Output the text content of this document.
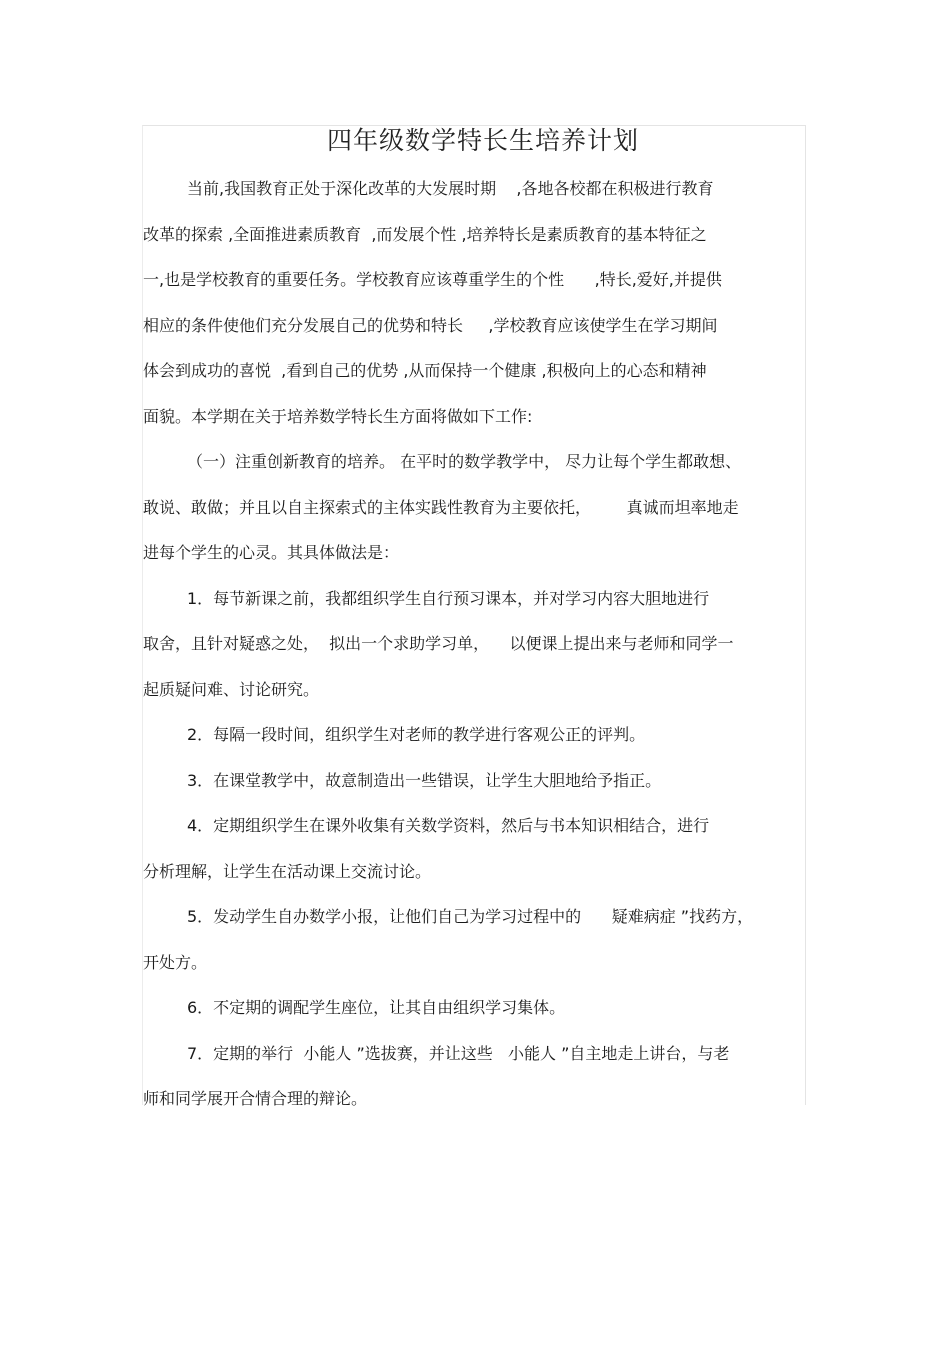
四年级数学特长生培养计划
当前,我国教育正处于深化改革的大发展时期    ,各地各校都在积极进行教育
改革的探索 ,全面推进素质教育  ,而发展个性 ,培养特长是素质教育的基本特征之
一,也是学校教育的重要任务。学校教育应该尊重学生的个性      ,特长,爱好,并提供
相应的条件使他们充分发展自己的优势和特长     ,学校教育应该使学生在学习期间
体会到成功的喜悦  ,看到自己的优势 ,从而保持一个健康 ,积极向上的心态和精神
面貌。本学期在关于培养数学特长生方面将做如下工作:
（一）注重创新教育的培养。 在平时的数学教学中， 尽力让每个学生都敢想、
敢说、敢做；并且以自主探索式的主体实践性教育为主要依托，       真诚而坦率地走
进每个学生的心灵。其具体做法是：
1．每节新课之前，我都组织学生自行预习课本，并对学习内容大胆地进行
取舍，且针对疑惑之处，  拟出一个求助学习单，    以便课上提出来与老师和同学一
起质疑问难、讨论研究。
2．每隔一段时间，组织学生对老师的教学进行客观公正的评判。
3．在课堂教学中，故意制造出一些错误，让学生大胆地给予指正。
4．定期组织学生在课外收集有关数学资料，然后与书本知识相结合，进行
分析理解，让学生在活动课上交流讨论。
5．发动学生自办数学小报，让他们自己为学习过程中的      疑难病症 ”找药方，
开处方。
6．不定期的调配学生座位，让其自由组织学习集体。
7．定期的举行  小能人 ”选拔赛，并让这些   小能人 ”自主地走上讲台，与老
师和同学展开合情合理的辩论。
